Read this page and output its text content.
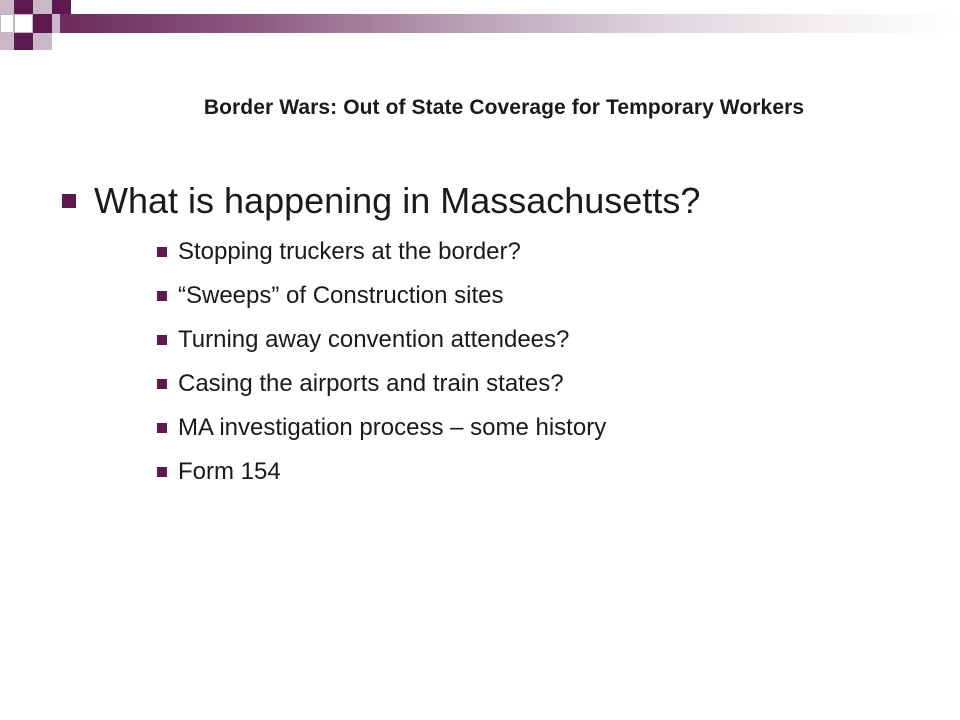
Border Wars: Out of State Coverage for Temporary Workers
What is happening in Massachusetts?
Stopping truckers at the border?
“Sweeps” of Construction sites
Turning away convention attendees?
Casing the airports and train states?
MA investigation process – some history
Form 154
